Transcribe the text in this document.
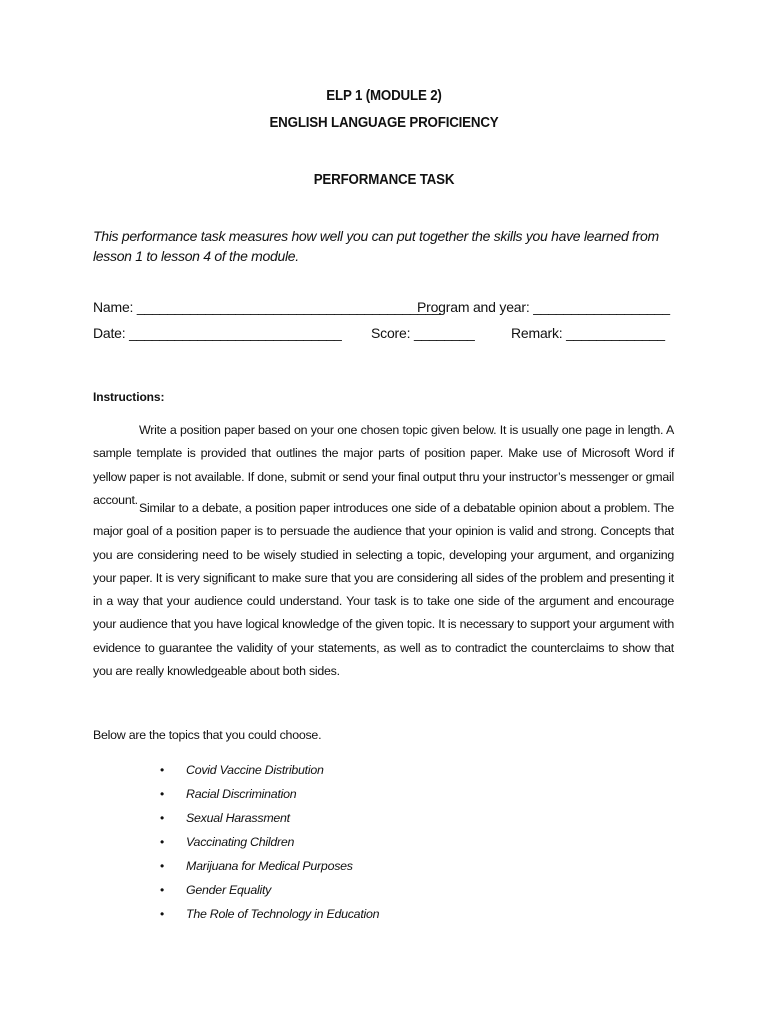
ELP 1 (MODULE 2)
ENGLISH LANGUAGE PROFICIENCY
PERFORMANCE TASK
This performance task measures how well you can put together the skills you have learned from lesson 1 to lesson 4 of the module.
Name: ________________________________________
Program and year: __________________
Date: ____________________________ Score: ________	Remark: _____________
Instructions:
Write a position paper based on your one chosen topic given below. It is usually one page in length. A sample template is provided that outlines the major parts of position paper. Make use of Microsoft Word if yellow paper is not available. If done, submit or send your final output thru your instructor’s messenger or gmail account.
Similar to a debate, a position paper introduces one side of a debatable opinion about a problem. The major goal of a position paper is to persuade the audience that your opinion is valid and strong. Concepts that you are considering need to be wisely studied in selecting a topic, developing your argument, and organizing your paper. It is very significant to make sure that you are considering all sides of the problem and presenting it in a way that your audience could understand. Your task is to take one side of the argument and encourage your audience that you have logical knowledge of the given topic. It is necessary to support your argument with evidence to guarantee the validity of your statements, as well as to contradict the counterclaims to show that you are really knowledgeable about both sides.
Below are the topics that you could choose.
• Covid Vaccine Distribution
• Racial Discrimination
• Sexual Harassment
• Vaccinating Children
• Marijuana for Medical Purposes
• Gender Equality
• The Role of Technology in Education
